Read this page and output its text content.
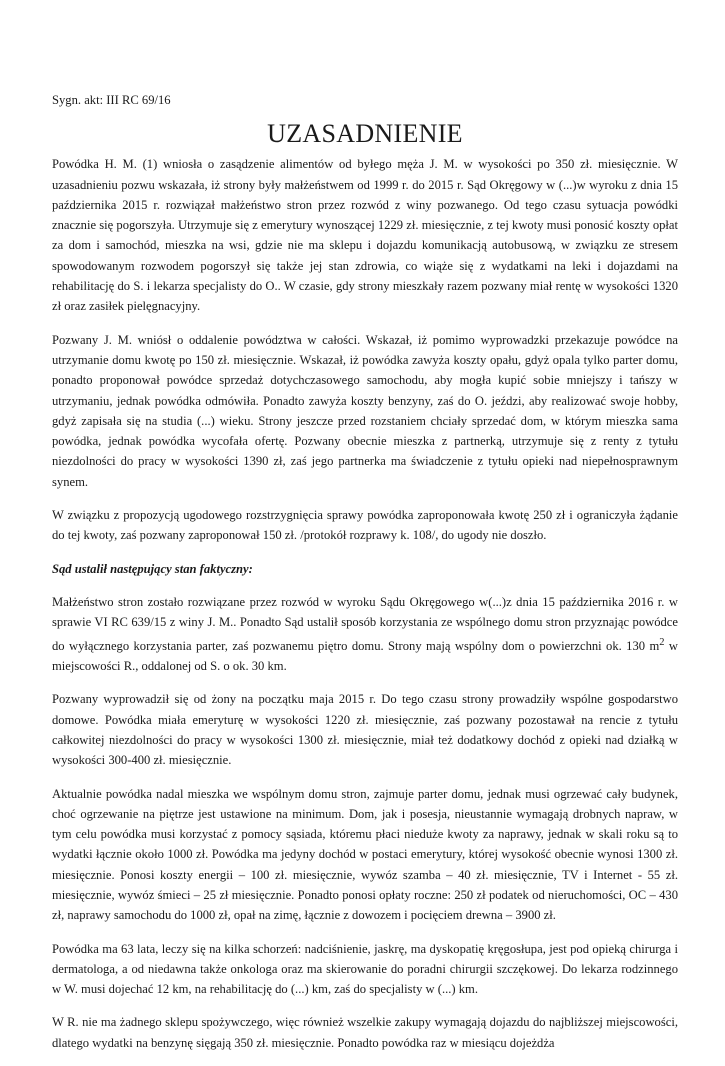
Sygn. akt: III RC 69/16

UZASADNIENIE

Powódka H. M. (1) wniosła o zasądzenie alimentów od byłego męża J. M. w wysokości po 350 zł. miesięcznie. W uzasadnieniu pozwu wskazała, iż strony były małżeństwem od 1999 r. do 2015 r. Sąd Okręgowy w (...)w wyroku z dnia 15 października 2015 r. rozwiązał małżeństwo stron przez rozwód z winy pozwanego. Od tego czasu sytuacja powódki znacznie się pogorszyła. Utrzymuje się z emerytury wynoszącej 1229 zł. miesięcznie, z tej kwoty musi ponosić koszty opłat za dom i samochód, mieszka na wsi, gdzie nie ma sklepu i dojazdu komunikacją autobusową, w związku ze stresem spowodowanym rozwodem pogorszył się także jej stan zdrowia, co wiąże się z wydatkami na leki i dojazdami na rehabilitację do S. i lekarza specjalisty do O.. W czasie, gdy strony mieszkały razem pozwany miał rentę w wysokości 1320 zł oraz zasiłek pielęgnacyjny.

Pozwany J. M. wniósł o oddalenie powództwa w całości. Wskazał, iż pomimo wyprowadzki przekazuje powódce na utrzymanie domu kwotę po 150 zł. miesięcznie. Wskazał, iż powódka zawyża koszty opału, gdyż opala tylko parter domu, ponadto proponował powódce sprzedaż dotychczasowego samochodu, aby mogła kupić sobie mniejszy i tańszy w utrzymaniu, jednak powódka odmówiła. Ponadto zawyża koszty benzyny, zaś do O. jeździ, aby realizować swoje hobby, gdyż zapisała się na studia (...) wieku. Strony jeszcze przed rozstaniem chciały sprzedać dom, w którym mieszka sama powódka, jednak powódka wycofała ofertę. Pozwany obecnie mieszka z partnerką, utrzymuje się z renty z tytułu niezdolności do pracy w wysokości 1390 zł, zaś jego partnerka ma świadczenie z tytułu opieki nad niepełnosprawnym synem.

W związku z propozycją ugodowego rozstrzygnięcia sprawy powódka zaproponowała kwotę 250 zł i ograniczyła żądanie do tej kwoty, zaś pozwany zaproponował 150 zł. /protokół rozprawy k. 108/, do ugody nie doszło.

Sąd ustalił następujący stan faktyczny:

Małżeństwo stron zostało rozwiązane przez rozwód w wyroku Sądu Okręgowego w(...)z dnia 15 października 2016 r. w sprawie VI RC 639/15 z winy J. M.. Ponadto Sąd ustalił sposób korzystania ze wspólnego domu stron przyznając powódce do wyłącznego korzystania parter, zaś pozwanemu piętro domu. Strony mają wspólny dom o powierzchni ok. 130 $m^2$ w miejscowości R., oddalonej od S. o ok. 30 km.

Pozwany wyprowadził się od żony na początku maja 2015 r. Do tego czasu strony prowadziły wspólne gospodarstwo domowe. Powódka miała emeryturę w wysokości 1220 zł. miesięcznie, zaś pozwany pozostawał na rencie z tytułu całkowitej niezdolności do pracy w wysokości 1300 zł. miesięcznie, miał też dodatkowy dochód z opieki nad działką w wysokości 300-400 zł. miesięcznie.

Aktualnie powódka nadal mieszka we wspólnym domu stron, zajmuje parter domu, jednak musi ogrzewać cały budynek, choć ogrzewanie na piętrze jest ustawione na minimum. Dom, jak i posesja, nieustannie wymagają drobnych napraw, w tym celu powódka musi korzystać z pomocy sąsiada, któremu płaci nieduże kwoty za naprawy, jednak w skali roku są to wydatki łącznie około 1000 zł. Powódka ma jedyny dochód w postaci emerytury, której wysokość obecnie wynosi 1300 zł. miesięcznie. Ponosi koszty energii – 100 zł. miesięcznie, wywóz szamba – 40 zł. miesięcznie, TV i Internet - 55 zł. miesięcznie, wywóz śmieci – 25 zł miesięcznie. Ponadto ponosi opłaty roczne: 250 zł podatek od nieruchomości, OC – 430 zł, naprawy samochodu do 1000 zł, opał na zimę, łącznie z dowozem i pocięciem drewna – 3900 zł.

Powódka ma 63 lata, leczy się na kilka schorzeń: nadciśnienie, jaskrę, ma dyskopatię kręgosłupa, jest pod opieką chirurga i dermatologa, a od niedawna także onkologa oraz ma skierowanie do poradni chirurgii szczękowej. Do lekarza rodzinnego w W. musi dojechać 12 km, na rehabilitację do (...) km, zaś do specjalisty w (...) km.

W R. nie ma żadnego sklepu spożywczego, więc również wszelkie zakupy wymagają dojazdu do najbliższej miejscowości, dlatego wydatki na benzynę sięgają 350 zł. miesięcznie. Ponadto powódka raz w miesiącu dojeżdża
